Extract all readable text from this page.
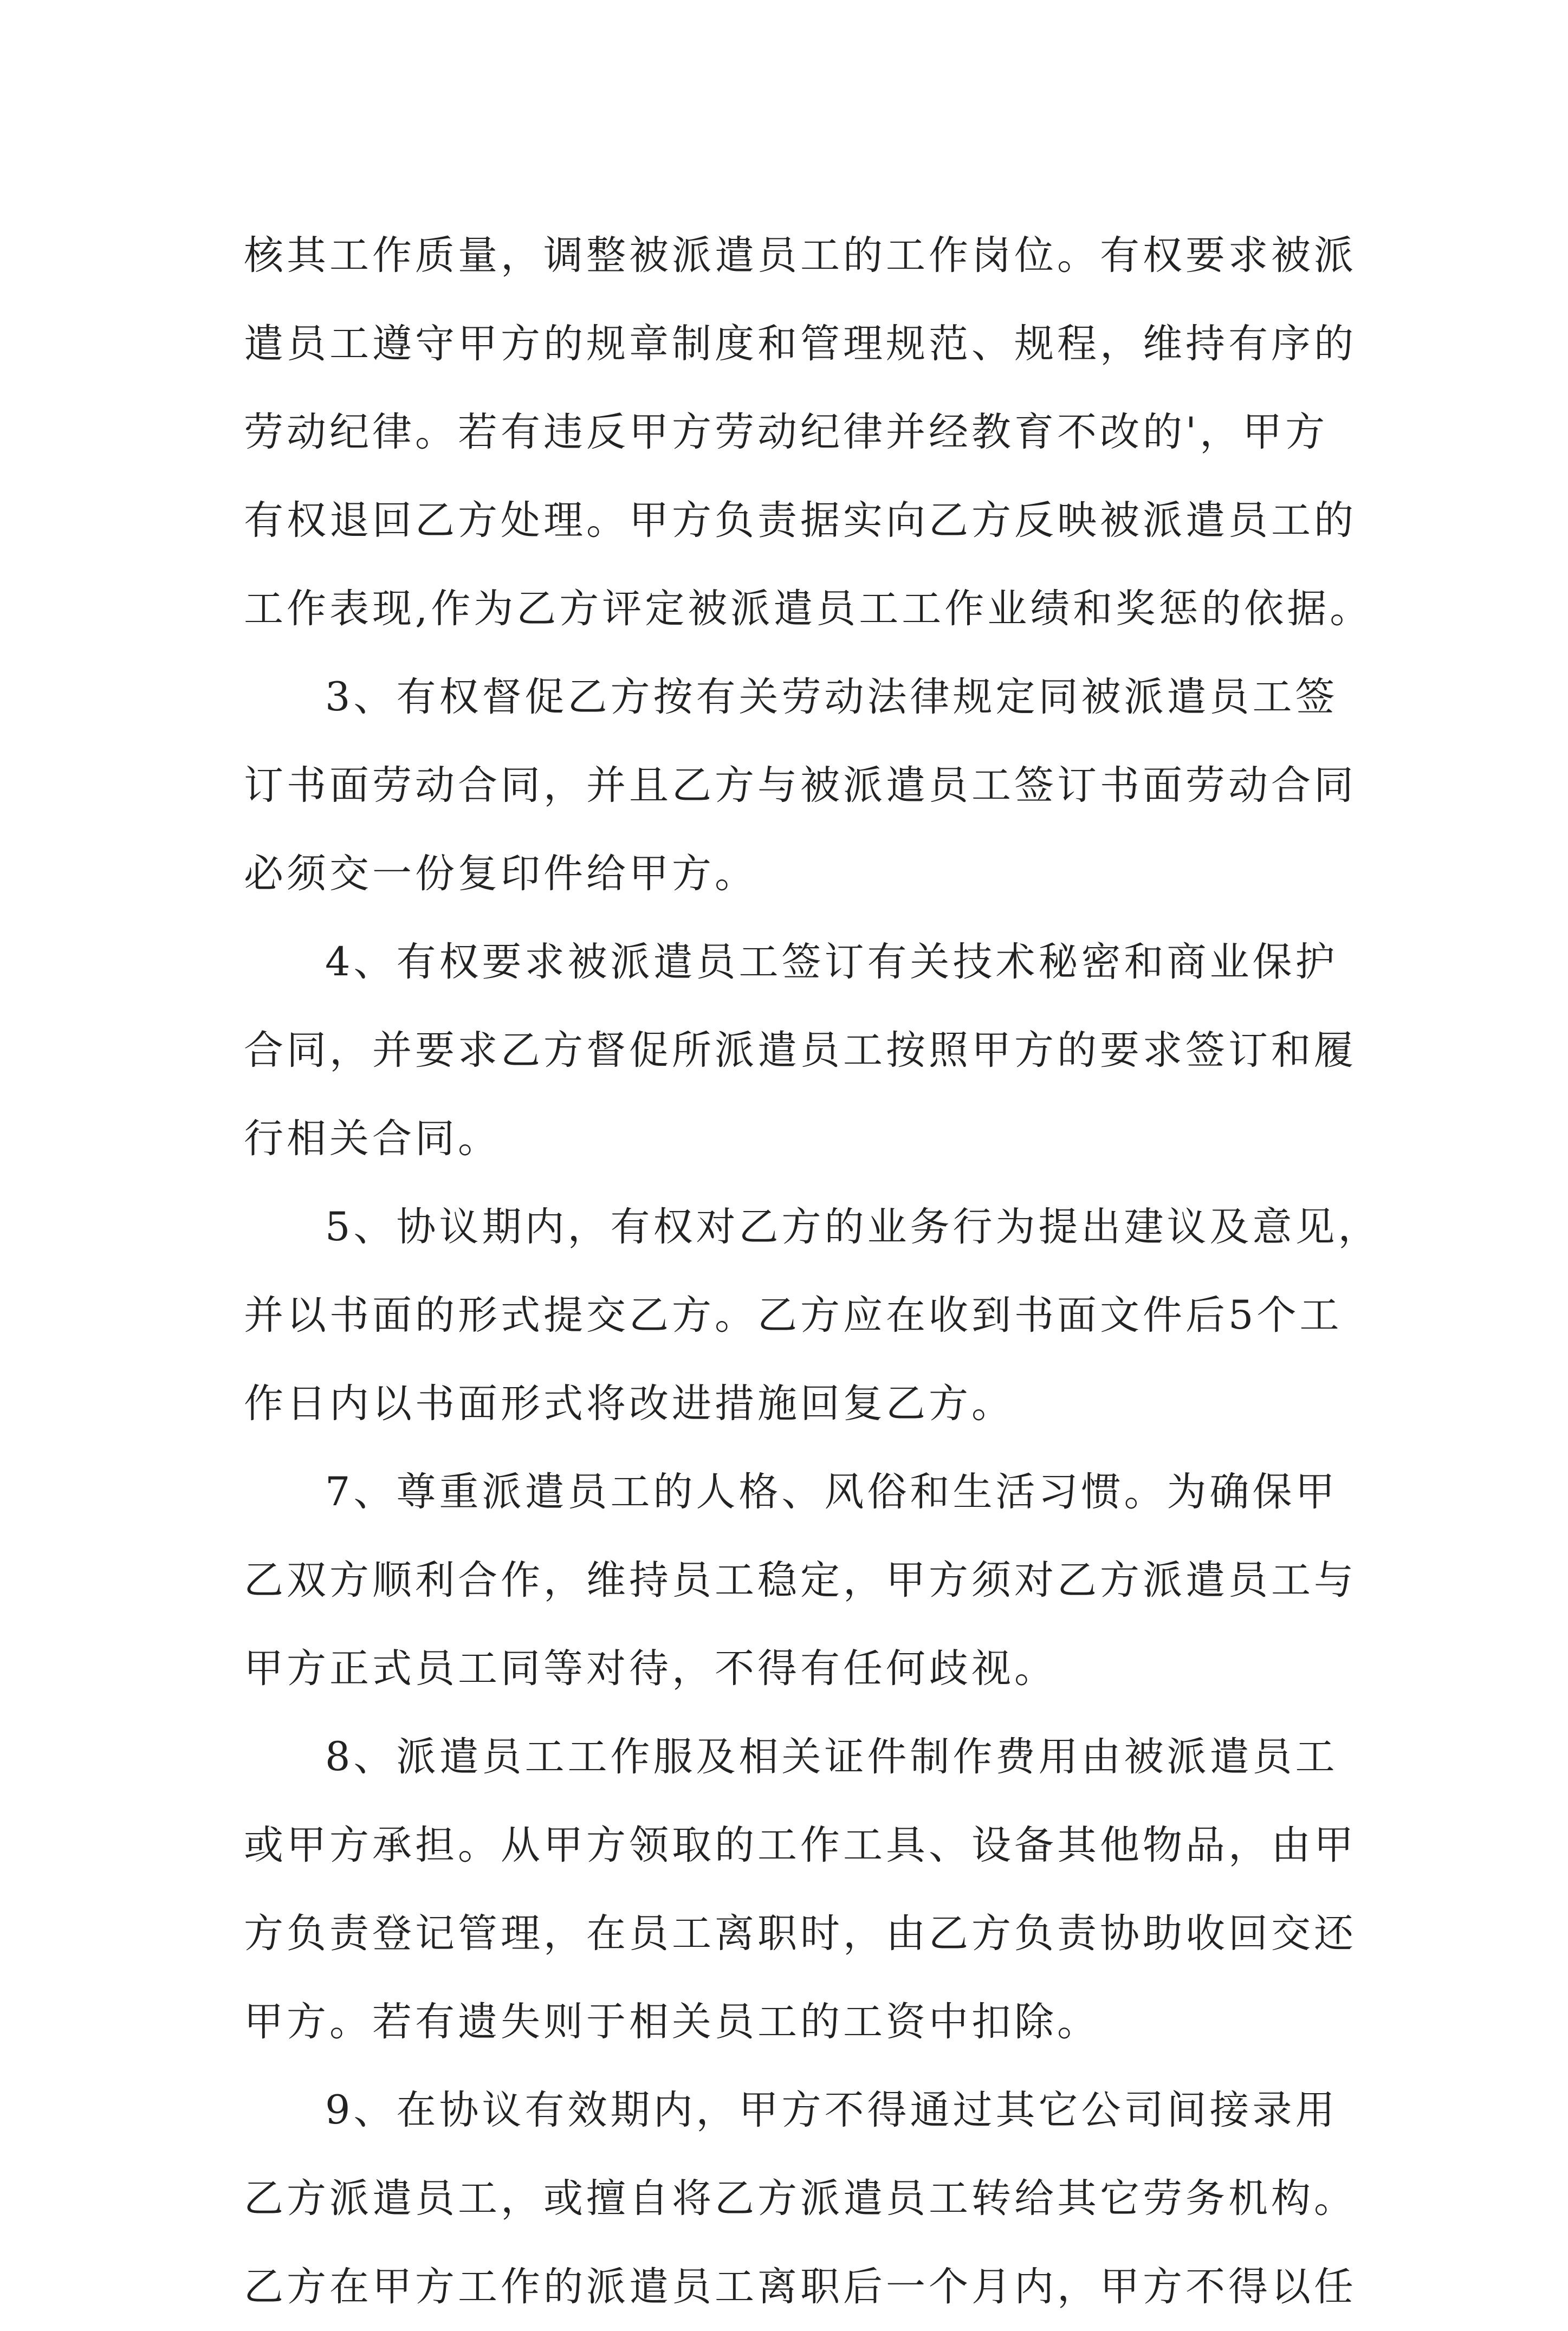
核其工作质量，调整被派遣员工的工作岗位。有权要求被派
遣员工遵守甲方的规章制度和管理规范、规程，维持有序的
劳动纪律。若有违反甲方劳动纪律并经教育不改的'，甲方
有权退回乙方处理。甲方负责据实向乙方反映被派遣员工的
工作表现,作为乙方评定被派遣员工工作业绩和奖惩的依据。
3、有权督促乙方按有关劳动法律规定同被派遣员工签
订书面劳动合同，并且乙方与被派遣员工签订书面劳动合同
必须交一份复印件给甲方。
4、有权要求被派遣员工签订有关技术秘密和商业保护
合同，并要求乙方督促所派遣员工按照甲方的要求签订和履
行相关合同。
5、协议期内，有权对乙方的业务行为提出建议及意见，
并以书面的形式提交乙方。乙方应在收到书面文件后5个工
作日内以书面形式将改进措施回复乙方。
7、尊重派遣员工的人格、风俗和生活习惯。为确保甲
乙双方顺利合作，维持员工稳定，甲方须对乙方派遣员工与
甲方正式员工同等对待，不得有任何歧视。
8、派遣员工工作服及相关证件制作费用由被派遣员工
或甲方承担。从甲方领取的工作工具、设备其他物品，由甲
方负责登记管理，在员工离职时，由乙方负责协助收回交还
甲方。若有遗失则于相关员工的工资中扣除。
9、在协议有效期内，甲方不得通过其它公司间接录用
乙方派遣员工，或擅自将乙方派遣员工转给其它劳务机构。
乙方在甲方工作的派遣员工离职后一个月内，甲方不得以任
